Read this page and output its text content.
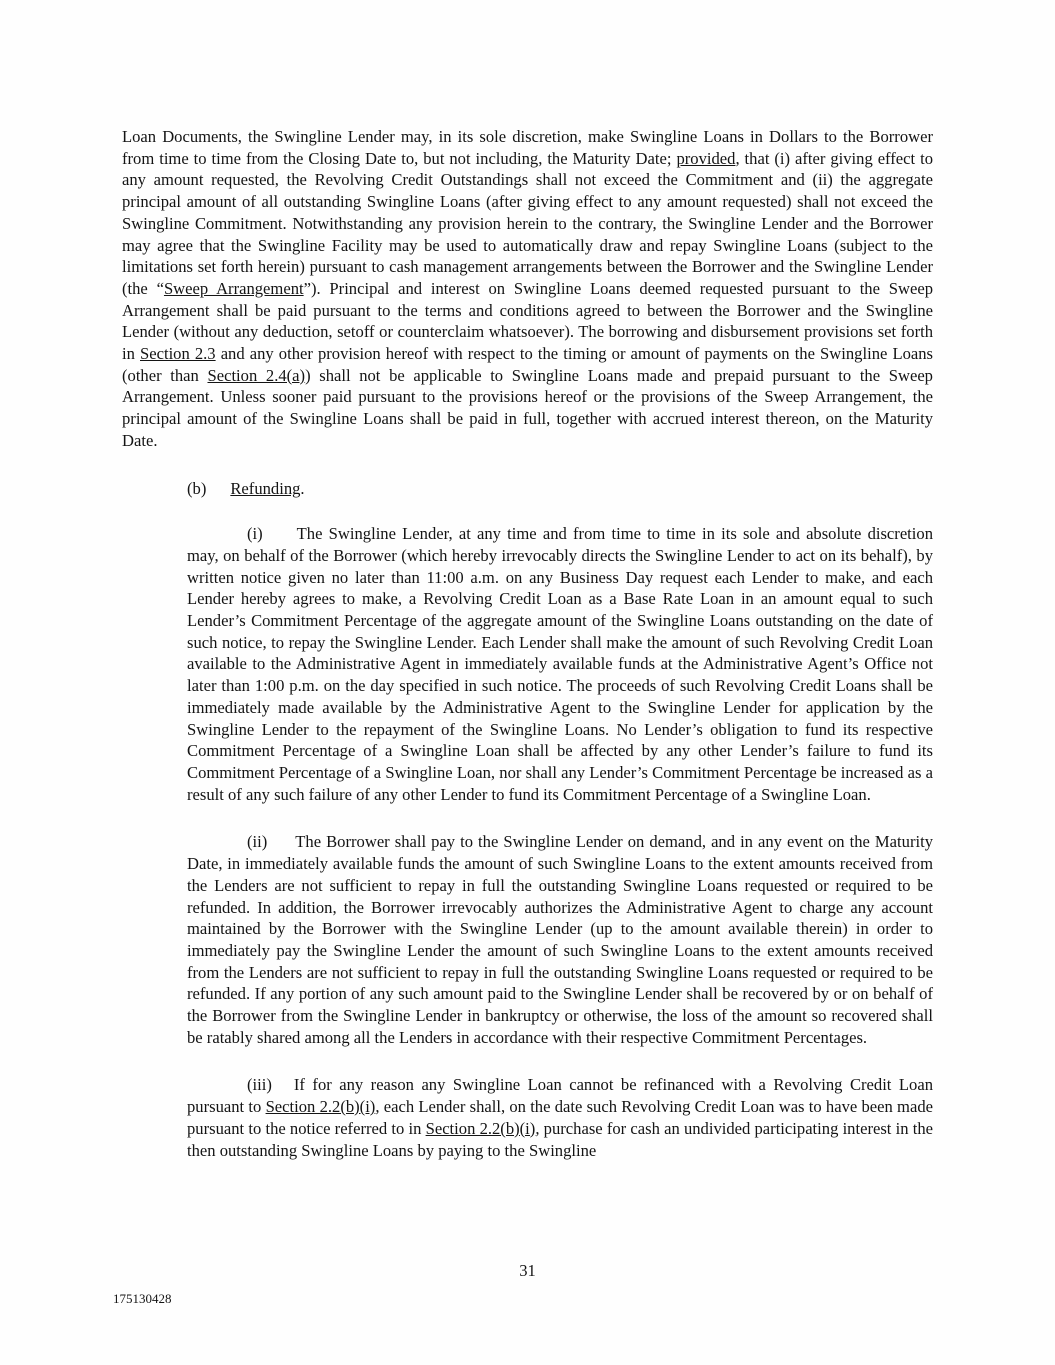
Loan Documents, the Swingline Lender may, in its sole discretion, make Swingline Loans in Dollars to the Borrower from time to time from the Closing Date to, but not including, the Maturity Date; provided, that (i) after giving effect to any amount requested, the Revolving Credit Outstandings shall not exceed the Commitment and (ii) the aggregate principal amount of all outstanding Swingline Loans (after giving effect to any amount requested) shall not exceed the Swingline Commitment. Notwithstanding any provision herein to the contrary, the Swingline Lender and the Borrower may agree that the Swingline Facility may be used to automatically draw and repay Swingline Loans (subject to the limitations set forth herein) pursuant to cash management arrangements between the Borrower and the Swingline Lender (the “Sweep Arrangement”). Principal and interest on Swingline Loans deemed requested pursuant to the Sweep Arrangement shall be paid pursuant to the terms and conditions agreed to between the Borrower and the Swingline Lender (without any deduction, setoff or counterclaim whatsoever). The borrowing and disbursement provisions set forth in Section 2.3 and any other provision hereof with respect to the timing or amount of payments on the Swingline Loans (other than Section 2.4(a)) shall not be applicable to Swingline Loans made and prepaid pursuant to the Sweep Arrangement. Unless sooner paid pursuant to the provisions hereof or the provisions of the Sweep Arrangement, the principal amount of the Swingline Loans shall be paid in full, together with accrued interest thereon, on the Maturity Date.

(b) Refunding.

(i) The Swingline Lender, at any time and from time to time in its sole and absolute discretion may, on behalf of the Borrower (which hereby irrevocably directs the Swingline Lender to act on its behalf), by written notice given no later than 11:00 a.m. on any Business Day request each Lender to make, and each Lender hereby agrees to make, a Revolving Credit Loan as a Base Rate Loan in an amount equal to such Lender’s Commitment Percentage of the aggregate amount of the Swingline Loans outstanding on the date of such notice, to repay the Swingline Lender. Each Lender shall make the amount of such Revolving Credit Loan available to the Administrative Agent in immediately available funds at the Administrative Agent’s Office not later than 1:00 p.m. on the day specified in such notice. The proceeds of such Revolving Credit Loans shall be immediately made available by the Administrative Agent to the Swingline Lender for application by the Swingline Lender to the repayment of the Swingline Loans. No Lender’s obligation to fund its respective Commitment Percentage of a Swingline Loan shall be affected by any other Lender’s failure to fund its Commitment Percentage of a Swingline Loan, nor shall any Lender’s Commitment Percentage be increased as a result of any such failure of any other Lender to fund its Commitment Percentage of a Swingline Loan.

(ii) The Borrower shall pay to the Swingline Lender on demand, and in any event on the Maturity Date, in immediately available funds the amount of such Swingline Loans to the extent amounts received from the Lenders are not sufficient to repay in full the outstanding Swingline Loans requested or required to be refunded. In addition, the Borrower irrevocably authorizes the Administrative Agent to charge any account maintained by the Borrower with the Swingline Lender (up to the amount available therein) in order to immediately pay the Swingline Lender the amount of such Swingline Loans to the extent amounts received from the Lenders are not sufficient to repay in full the outstanding Swingline Loans requested or required to be refunded. If any portion of any such amount paid to the Swingline Lender shall be recovered by or on behalf of the Borrower from the Swingline Lender in bankruptcy or otherwise, the loss of the amount so recovered shall be ratably shared among all the Lenders in accordance with their respective Commitment Percentages.

(iii) If for any reason any Swingline Loan cannot be refinanced with a Revolving Credit Loan pursuant to Section 2.2(b)(i), each Lender shall, on the date such Revolving Credit Loan was to have been made pursuant to the notice referred to in Section 2.2(b)(i), purchase for cash an undivided participating interest in the then outstanding Swingline Loans by paying to the Swingline

31
175130428
